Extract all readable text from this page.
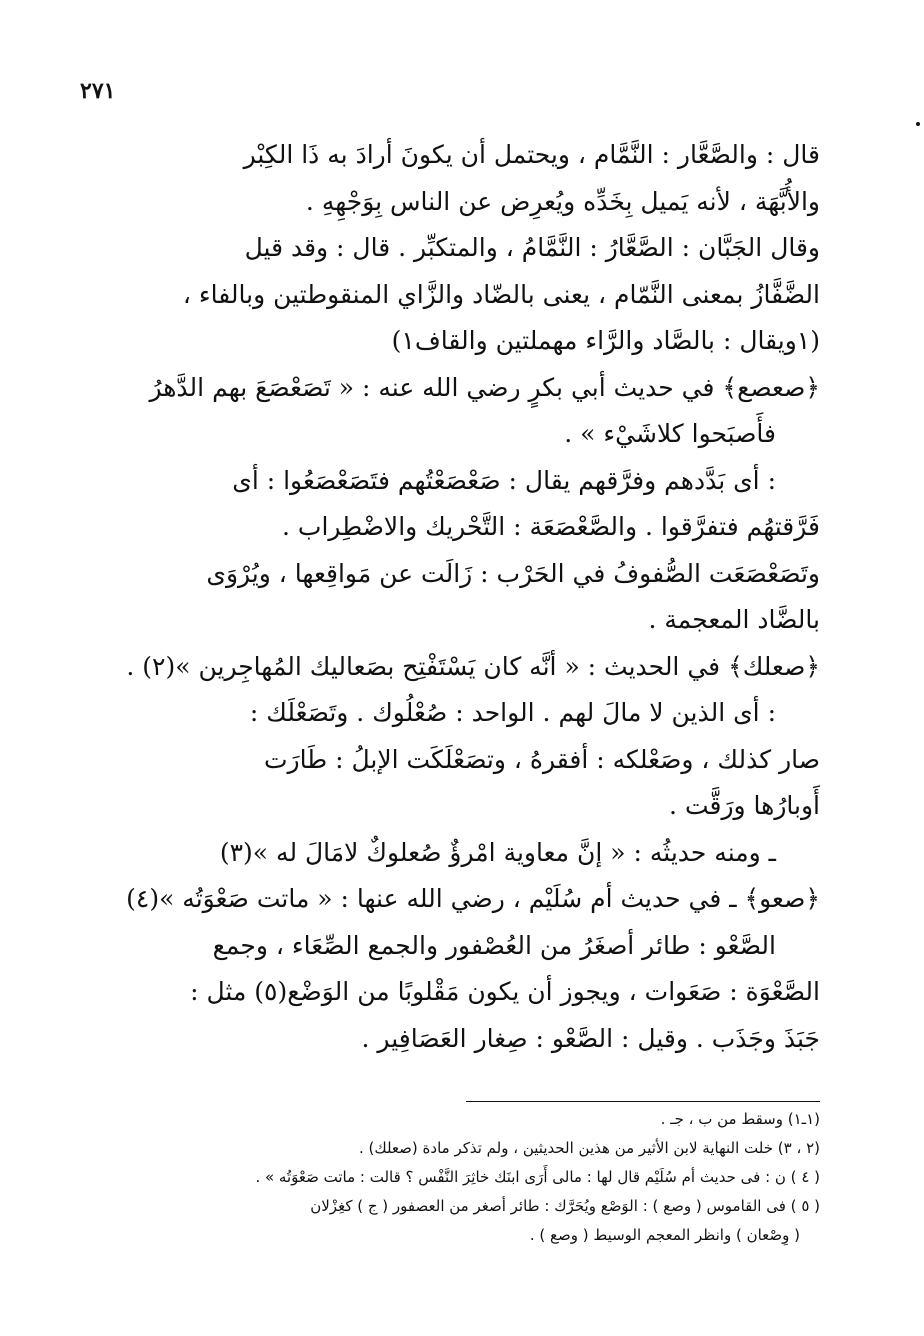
٢٧١
قال : والصَّعَّار : النَّمَّام ، ويحتمل أن يكونَ أرادَ به ذَا الكِبْر
والأُبَّهَة ، لأنه يَميل بِخَدِّه ويُعرِض عن الناس بِوَجْهِهِ .
وقال الجَبَّان : الصَّعَّارُ : النَّمَّامُ ، والمتكبِّر . قال : وقد قيل
الضَّفَّازُ بمعنى النَّمّام ، يعنى بالضّاد والزَّاي المنقوطتين وبالفاء ،
(١ويقال : بالصَّاد والرَّاء مهملتين والقاف١)
﴿صعصع﴾ في حديث أبي بكرٍ رضي الله عنه : « تَصَعْصَعَ بهم الدَّهرُ
فأَصبَحوا كلاشَيْء » .
: أى بَدَّدهم وفرَّقهم يقال : صَعْصَعْتُهم فتَصَعْصَعُوا : أى
فَرَّقتهُم فتفرَّقوا . والصَّعْصَعَة : التَّحْريك والاضْطِراب .
وتَصَعْصَعَت الصُّفوفُ في الحَرْب : زَالَت عن مَواقِعها ، ويُرْوَى
بالضَّاد المعجمة .
﴿صعلك﴾ في الحديث : « أنَّه كان يَسْتَفْتِح بصَعاليك المُهاجِرين »(٢) .
: أى الذين لا مالَ لهم . الواحد : صُعْلُوك . وتَصَعْلَك :
صار كذلك ، وصَعْلكه : أفقرهُ ، وتصَعْلَكَت الإبلُ : طَارَت
أَوبارُها ورَقَّت .
ـ ومنه حديثُه : « إنَّ معاوية امْرؤٌ صُعلوكٌ لامَالَ له »(٣)
﴿صعو﴾ ـ في حديث أم سُلَيْم ، رضي الله عنها : « ماتت صَعْوَتُه »(٤)
الصَّعْو : طائر أصغَرُ من العُصْفور والجمع الصِّعَاء ، وجمع
الصَّعْوَة : صَعَوات ، ويجوز أن يكون مَقْلوبًا من الوَضْع(٥) مثل :
جَبَذَ وجَذَب . وقيل : الصَّعْو : صِغار العَصَافِير .
(١ـ١) وسقط من ب ، جـ .
(٢ ، ٣) خلت النهاية لابن الأثير من هذين الحديثين ، ولم تذكر مادة (صعلك) .
( ٤ ) ن : فى حديث أم سُلَيْم قال لها : مالى أَرَى ابنَك خاثِرَ النَّفْس ؟ قالت : ماتت صَعْوَتُه » .
( ٥ ) فى القاموس ( وصع ) : الوَصْع ويُحَرَّك : طائر أصغر من العصفور ( ج ) كغِزْلان
( وِصْعان ) وانظر المعجم الوسيط ( وصع ) .
